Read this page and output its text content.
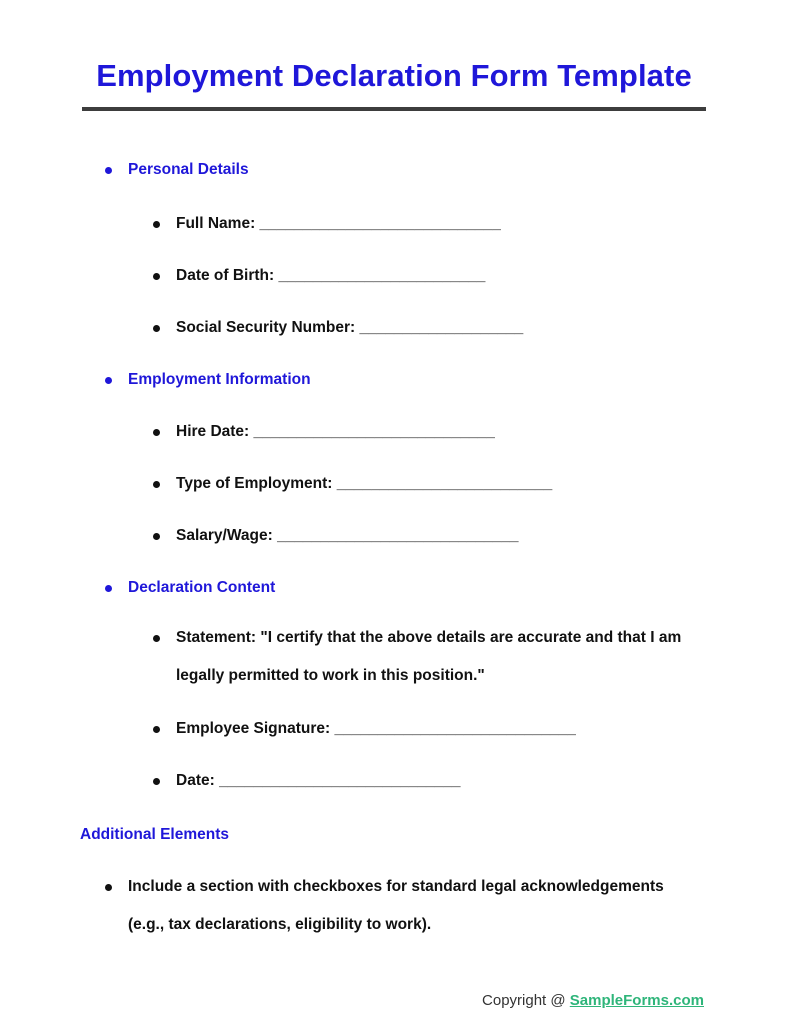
Employment Declaration Form Template
Personal Details
Full Name: ____________________________
Date of Birth: ________________________
Social Security Number: ___________________
Employment Information
Hire Date: ____________________________
Type of Employment: _________________________
Salary/Wage: ____________________________
Declaration Content
Statement: "I certify that the above details are accurate and that I am legally permitted to work in this position."
Employee Signature: ____________________________
Date: ____________________________
Additional Elements
Include a section with checkboxes for standard legal acknowledgements (e.g., tax declarations, eligibility to work).
Copyright @ SampleForms.com
